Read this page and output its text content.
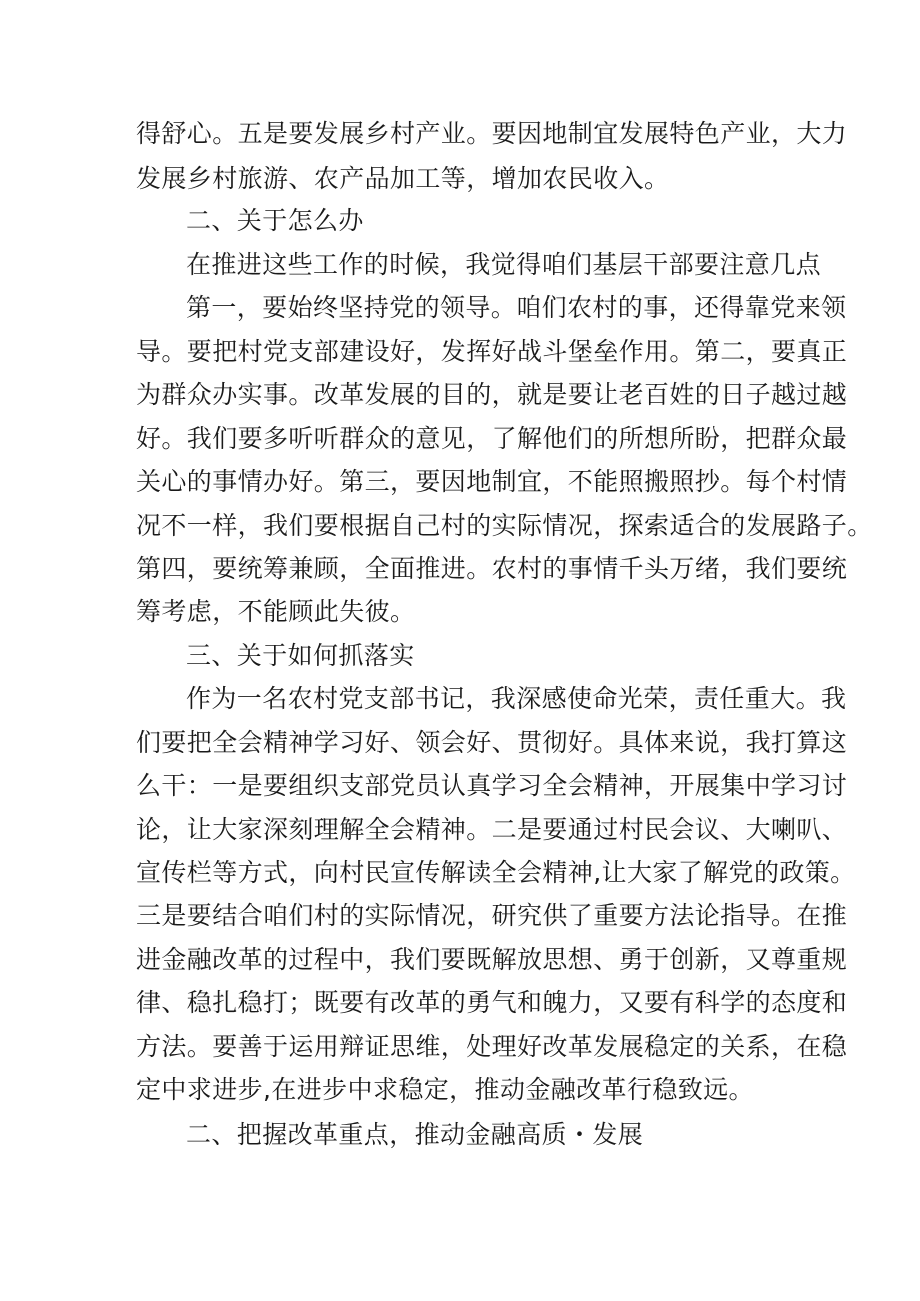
得舒心。五是要发展乡村产业。要因地制宜发展特色产业，大力
发展乡村旅游、农产品加工等，增加农民收入。
二、关于怎么办
在推进这些工作的时候，我觉得咱们基层干部要注意几点
第一，要始终坚持党的领导。咱们农村的事，还得靠党来领
导。要把村党支部建设好，发挥好战斗堡垒作用。第二，要真正
为群众办实事。改革发展的目的，就是要让老百姓的日子越过越
好。我们要多听听群众的意见，了解他们的所想所盼，把群众最
关心的事情办好。第三，要因地制宜，不能照搬照抄。每个村情
况不一样，我们要根据自己村的实际情况，探索适合的发展路子。
第四，要统筹兼顾，全面推进。农村的事情千头万绪，我们要统
筹考虑，不能顾此失彼。
三、关于如何抓落实
作为一名农村党支部书记，我深感使命光荣，责任重大。我
们要把全会精神学习好、领会好、贯彻好。具体来说，我打算这
么干：一是要组织支部党员认真学习全会精神，开展集中学习讨
论，让大家深刻理解全会精神。二是要通过村民会议、大喇叭、
宣传栏等方式，向村民宣传解读全会精神,让大家了解党的政策。
三是要结合咱们村的实际情况，研究供了重要方法论指导。在推
进金融改革的过程中，我们要既解放思想、勇于创新，又尊重规
律、稳扎稳打；既要有改革的勇气和魄力，又要有科学的态度和
方法。要善于运用辩证思维，处理好改革发展稳定的关系，在稳
定中求进步,在进步中求稳定，推动金融改革行稳致远。
二、把握改革重点，推动金融高质・发展
